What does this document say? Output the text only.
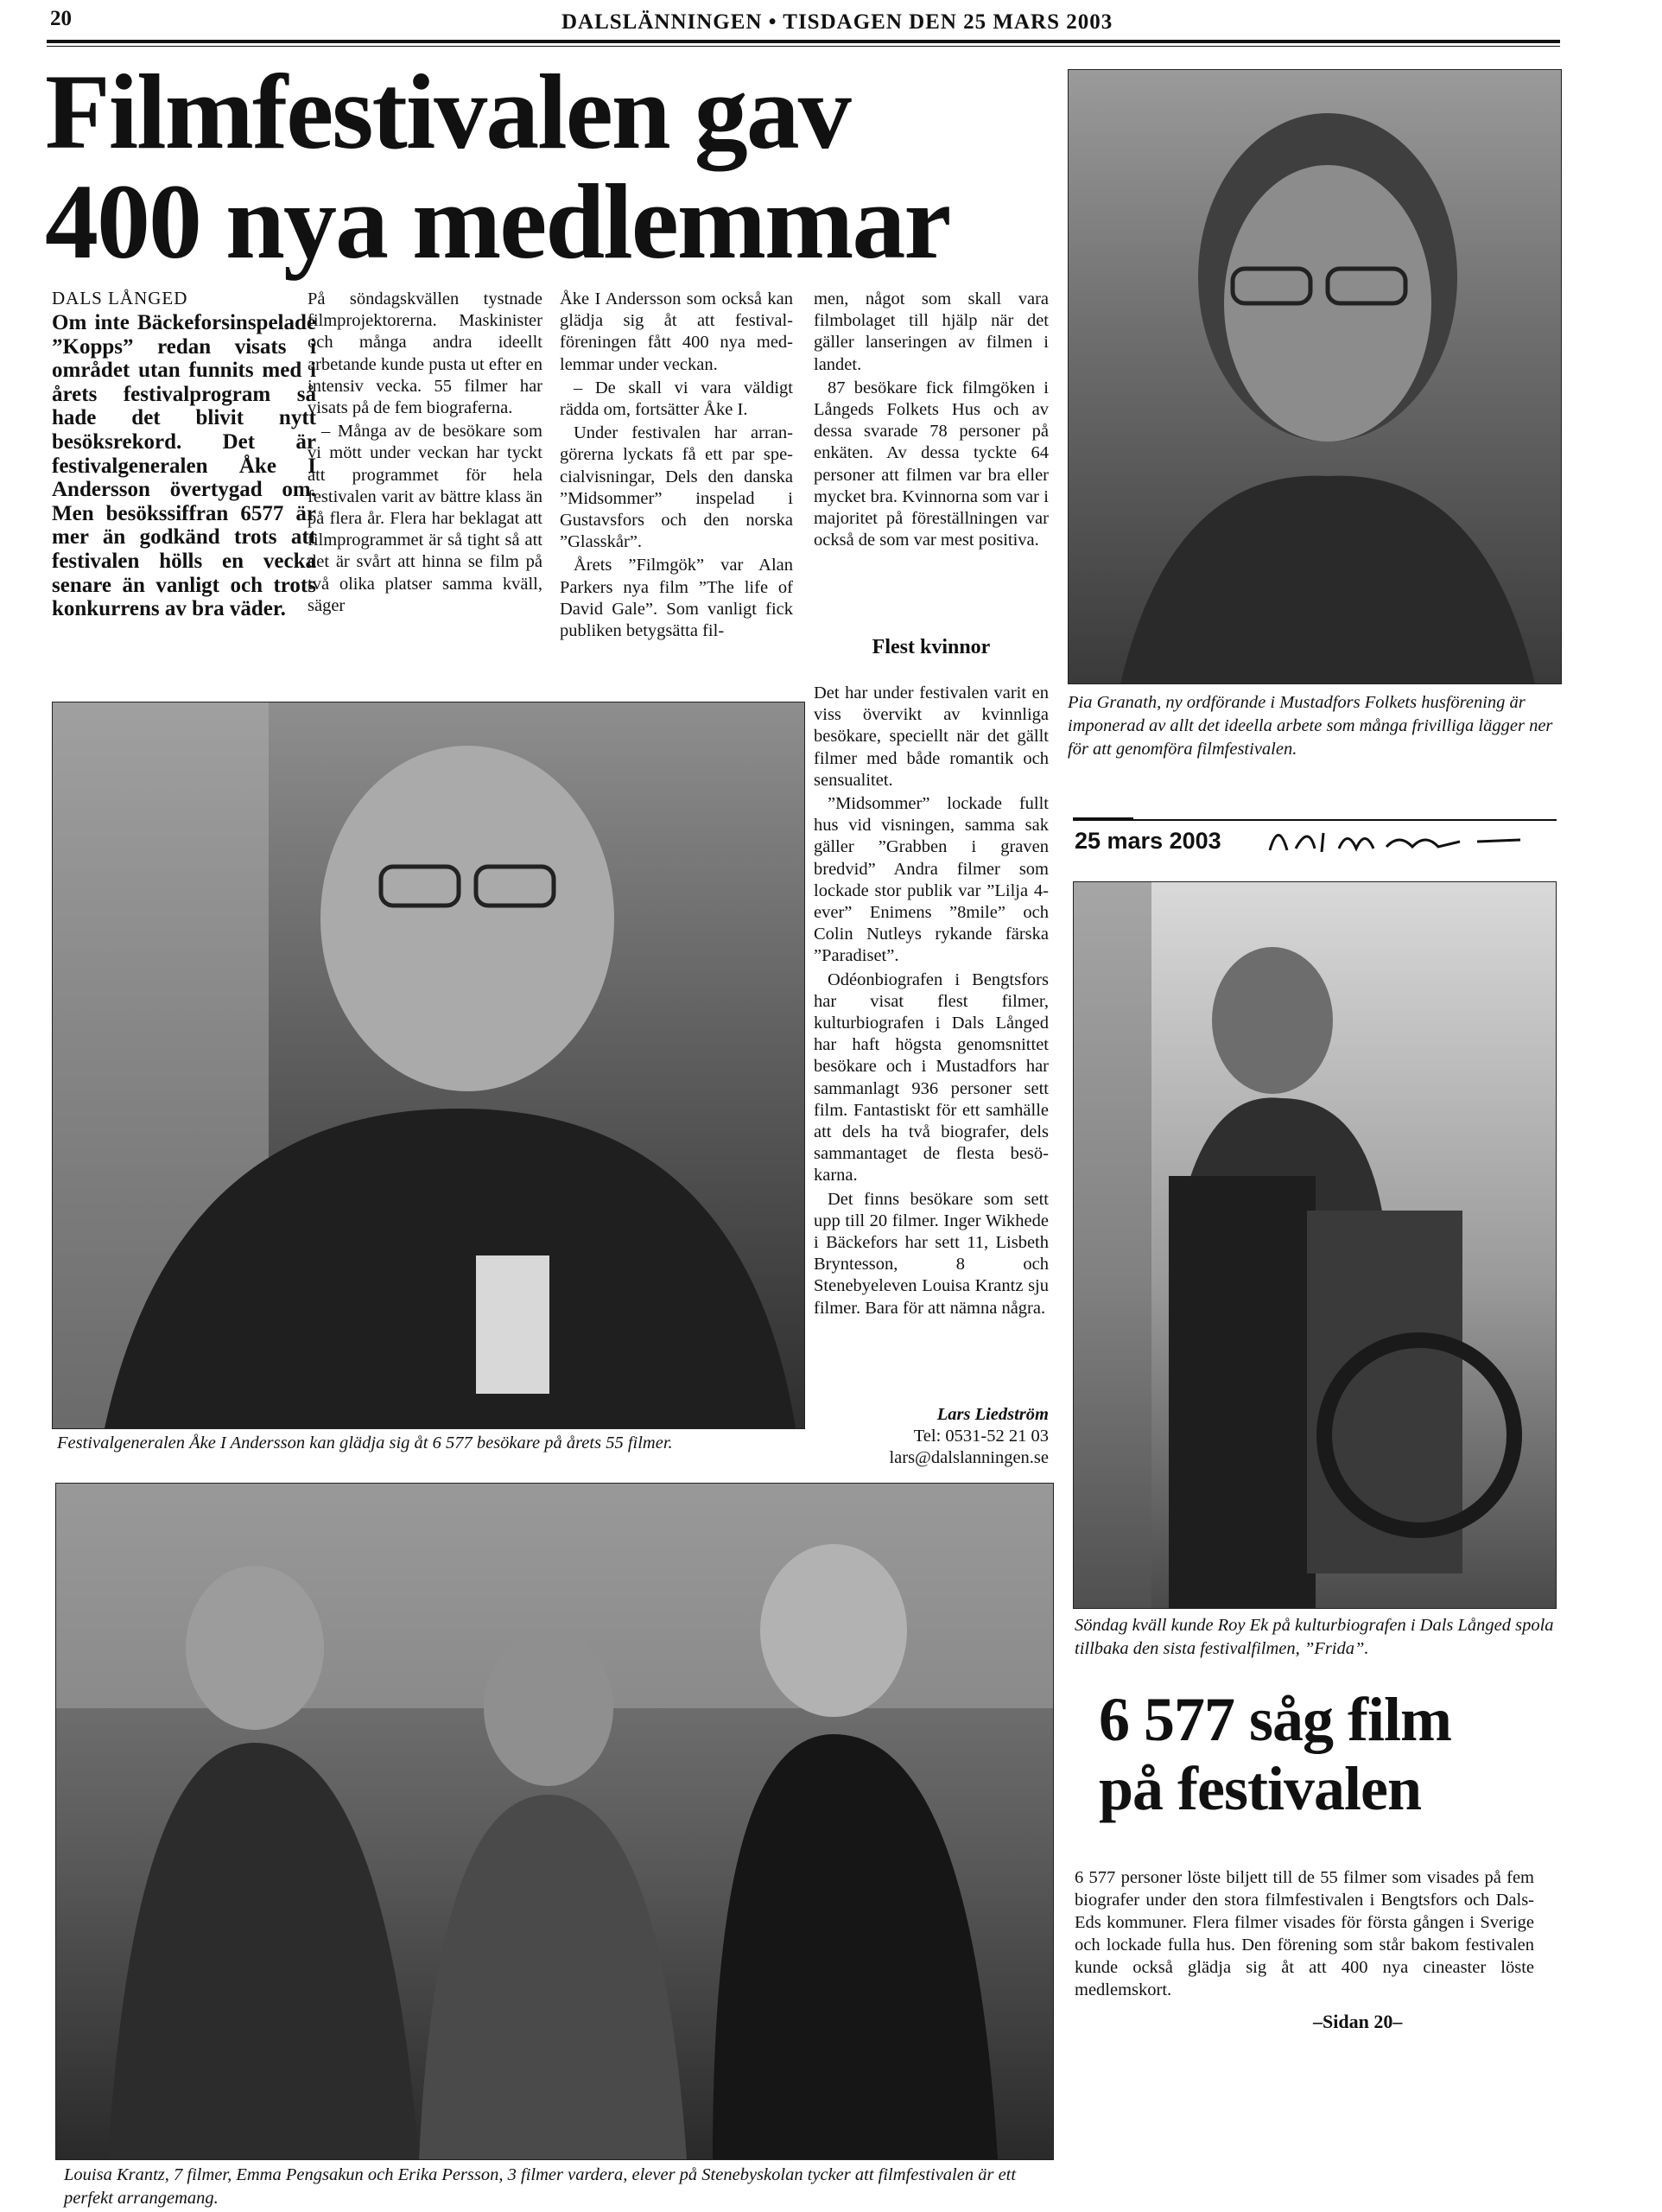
20	DALSLÄNNINGEN • TISDAGEN DEN 25 MARS 2003
Filmfestivalen gav
400 nya medlemmar
DALS LÅNGED
Om inte Bäckeforsinspelade ”Kopps” redan visats i området utan funnits med i årets festivalprogram så hade det blivit nytt besöksrekord. Det är festivalgeneralen Åke I Andersson övertygad om. Men besökssiffran 6577 är mer än godkänd trots att festivalen hölls en vecka senare än vanligt och trots konkurrens av bra väder.

På söndagskvällen tystnade filmprojektorerna. Maskinister och många andra ideellt arbetande kunde pusta ut efter en intensiv vecka. 55 filmer har visats på de fem biograferna.

– Många av de besökare som vi mött under veckan har tyckt att programmet för hela festivalen varit av bättre klass än på flera år. Flera har beklagat att filmprogrammet är så tight så att det är svårt att hinna se film på två olika platser samma kväll, säger

Åke I Andersson som också kan glädja sig åt att festivalföreningen fått 400 nya medlemmar under veckan.

– De skall vi vara väldigt rädda om, fortsätter Åke I.

Under festivalen har arrangörerna lyckats få ett par specialvisningar, Dels den danska ”Midsommer” inspelad i Gustavsfors och den norska ”Glasskår”.

Årets ”Filmgök” var Alan Parkers nya film ”The life of David Gale”. Som vanligt fick publiken betygsätta fil-

men, något som skall vara filmbolaget till hjälp när det gäller lanseringen av filmen i landet.

87 besökare fick filmgöken i Långeds Folkets Hus och av dessa svarade 78 personer på enkäten. Av dessa tyckte 64 personer att filmen var bra eller mycket bra. Kvinnorna som var i majoritet på föreställningen var också de som var mest positiva.

Flest kvinnor

Det har under festivalen varit en viss övervikt av kvinnliga besökare, speciellt när det gällt filmer med både romantik och sensualitet.

”Midsommer” lockade fullt hus vid visningen, samma sak gäller ”Grabben i graven bredvid” Andra filmer som lockade stor publik var ”Lilja 4-ever” Enimens ”8mile” och Colin Nutleys rykande färska ”Paradiset”.

Odéonbiografen i Bengtsfors har visat flest filmer, kulturbiografen i Dals Långed har haft högsta genomsnittet besökare och i Mustadfors har sammanlagt 936 personer sett film. Fantastiskt för ett samhälle att dels ha två biografer, dels sammantaget de flesta besökarna.

Det finns besökare som sett upp till 20 filmer. Inger Wikhede i Bäckefors har sett 11, Lisbeth Bryntesson, 8 och Stenebyeleven Louisa Krantz sju filmer. Bara för att nämna några.

Lars Liedström
Tel: 0531-52 21 03
lars@dalslanningen.se
Pia Granath, ny ordförande i Mustadfors Folkets husförening är imponerad av allt det ideella arbete som många frivilliga lägger ner för att genomföra filmfestivalen.
Festivalgeneralen Åke I Andersson kan glädja sig åt 6 577 besökare på årets 55 filmer.
25 mars 2003
Söndag kväll kunde Roy Ek på kulturbiografen i Dals Långed spola tillbaka den sista festivalfilmen, ”Frida”.
6 577 såg film
på festivalen
6 577 personer löste biljett till de 55 filmer som visades på fem biografer under den stora filmfestivalen i Bengtsfors och Dals-Eds kommuner. Flera filmer visades för första gången i Sverige och lockade fulla hus. Den förening som står bakom festivalen kunde också glädja sig åt att 400 nya cineaster löste medlemskort.
–Sidan 20–
Louisa Krantz, 7 filmer, Emma Pengsakun och Erika Persson, 3 filmer vardera, elever på Stenebyskolan tycker att filmfestivalen är ett perfekt arrangemang.
